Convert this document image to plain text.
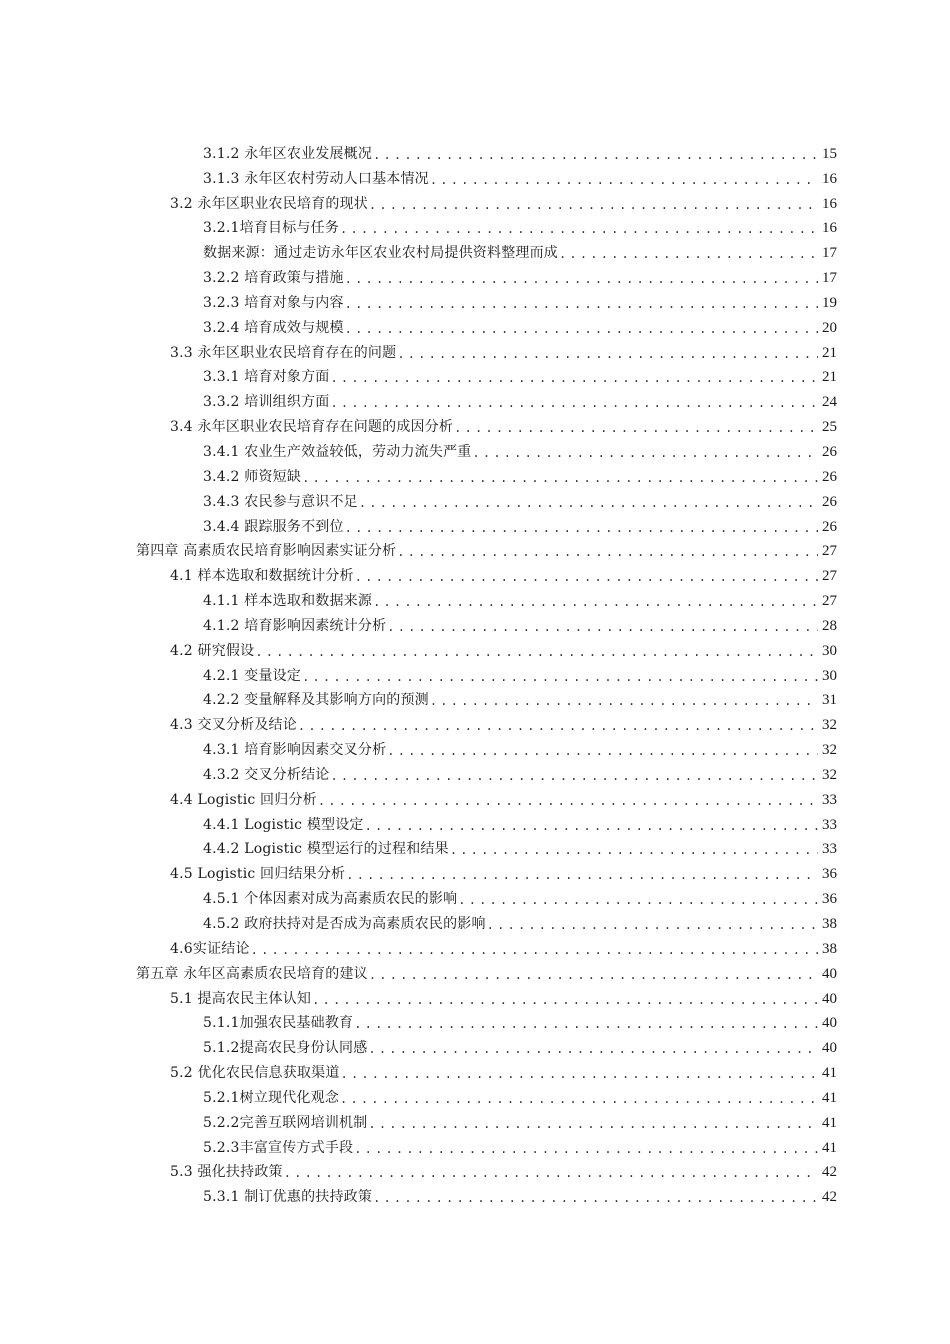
3.1.2 永年区农业发展概况 .....	15
3.1.3 永年区农村劳动人口基本情况 .....	16
3.2 永年区职业农民培育的现状 .....	16
3.2.1培育目标与任务 .....	16
数据来源：通过走访永年区农业农村局提供资料整理而成 .....	17
3.2.2 培育政策与措施 .....	17
3.2.3 培育对象与内容 .....	19
3.2.4 培育成效与规模 .....	20
3.3 永年区职业农民培育存在的问题 .....	21
3.3.1 培育对象方面 .....	21
3.3.2 培训组织方面 .....	24
3.4 永年区职业农民培育存在问题的成因分析 .....	25
3.4.1 农业生产效益较低，劳动力流失严重 .....	26
3.4.2 师资短缺 .....	26
3.4.3 农民参与意识不足 .....	26
3.4.4 跟踪服务不到位 .....	26
第四章 高素质农民培育影响因素实证分析 .....	27
4.1 样本选取和数据统计分析 .....	27
4.1.1 样本选取和数据来源 .....	27
4.1.2 培育影响因素统计分析 .....	28
4.2 研究假设 .....	30
4.2.1 变量设定 .....	30
4.2.2 变量解释及其影响方向的预测 .....	31
4.3 交叉分析及结论 .....	32
4.3.1 培育影响因素交叉分析 .....	32
4.3.2 交叉分析结论 .....	32
4.4 Logistic 回归分析 .....	33
4.4.1 Logistic 模型设定 .....	33
4.4.2 Logistic 模型运行的过程和结果 .....	33
4.5 Logistic 回归结果分析 .....	36
4.5.1 个体因素对成为高素质农民的影响 .....	36
4.5.2 政府扶持对是否成为高素质农民的影响 .....	38
4.6实证结论 .....	38
第五章 永年区高素质农民培育的建议 .....	40
5.1 提高农民主体认知 .....	40
5.1.1加强农民基础教育 .....	40
5.1.2提高农民身份认同感 .....	40
5.2 优化农民信息获取渠道 .....	41
5.2.1树立现代化观念 .....	41
5.2.2完善互联网培训机制 .....	41
5.2.3丰富宣传方式手段 .....	41
5.3 强化扶持政策 .....	42
5.3.1 制订优惠的扶持政策 .....	42
